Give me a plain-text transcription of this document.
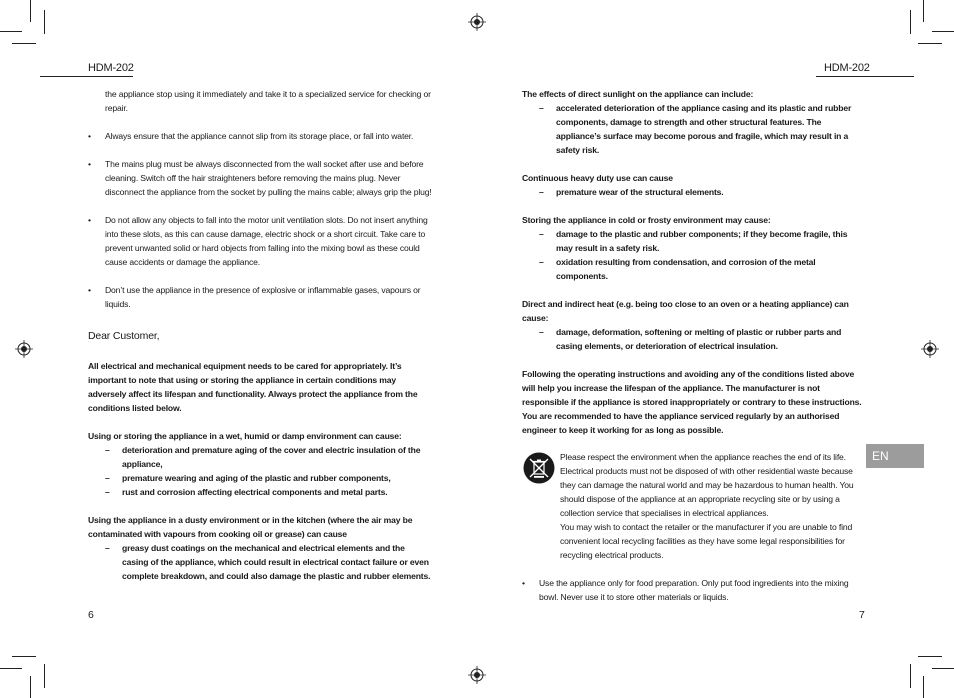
HDM-202	HDM-202
the appliance stop using it immediately and take it to a specialized service for checking or repair.
• Always ensure that the appliance cannot slip from its storage place, or fall into water.
• The mains plug must be always disconnected from the wall socket after use and before cleaning. Switch off the hair straighteners before removing the mains plug. Never disconnect the appliance from the socket by pulling the mains cable; always grip the plug!
• Do not allow any objects to fall into the motor unit ventilation slots. Do not insert anything into these slots, as this can cause damage, electric shock or a short circuit. Take care to prevent unwanted solid or hard objects from falling into the mixing bowl as these could cause accidents or damage the appliance.
• Don’t use the appliance in the presence of explosive or inflammable gases, vapours or liquids.
Dear Customer,
All electrical and mechanical equipment needs to be cared for appropriately. It’s important to note that using or storing the appliance in certain conditions may adversely affect its lifespan and functionality. Always protect the appliance from the conditions listed below.
Using or storing the appliance in a wet, humid or damp environment can cause:
– deterioration and premature aging of the cover and electric insulation of the appliance,
– premature wearing and aging of the plastic and rubber components,
– rust and corrosion affecting electrical components and metal parts.
Using the appliance in a dusty environment or in the kitchen (where the air may be contaminated with vapours from cooking oil or grease) can cause
– greasy dust coatings on the mechanical and electrical elements and the casing of the appliance, which could result in electrical contact failure or even complete breakdown, and could also damage the plastic and rubber elements.
6
The effects of direct sunlight on the appliance can include:
– accelerated deterioration of the appliance casing and its plastic and rubber components, damage to strength and other structural features. The appliance’s surface may become porous and fragile, which may result in a safety risk.
Continuous heavy duty use can cause
– premature wear of the structural elements.
Storing the appliance in cold or frosty environment may cause:
– damage to the plastic and rubber components; if they become fragile, this may result in a safety risk.
– oxidation resulting from condensation, and corrosion of the metal components.
Direct and indirect heat (e.g. being too close to an oven or a heating appliance) can cause:
– damage, deformation, softening or melting of plastic or rubber parts and casing elements, or deterioration of electrical insulation.
Following the operating instructions and avoiding any of the conditions listed above will help you increase the lifespan of the appliance. The manufacturer is not responsible if the appliance is stored inappropriately or contrary to these instructions. You are recommended to have the appliance serviced regularly by an authorised engineer to keep it working for as long as possible.
Please respect the environment when the appliance reaches the end of its life. Electrical products must not be disposed of with other residential waste because they can damage the natural world and may be hazardous to human health. You should dispose of the appliance at an appropriate recycling site or by using a collection service that specialises in electrical appliances.
You may wish to contact the retailer or the manufacturer if you are unable to find convenient local recycling facilities as they have some legal responsibilities for recycling electrical products.
• Use the appliance only for food preparation. Only put food ingredients into the mixing bowl. Never use it to store other materials or liquids.
7
EN
